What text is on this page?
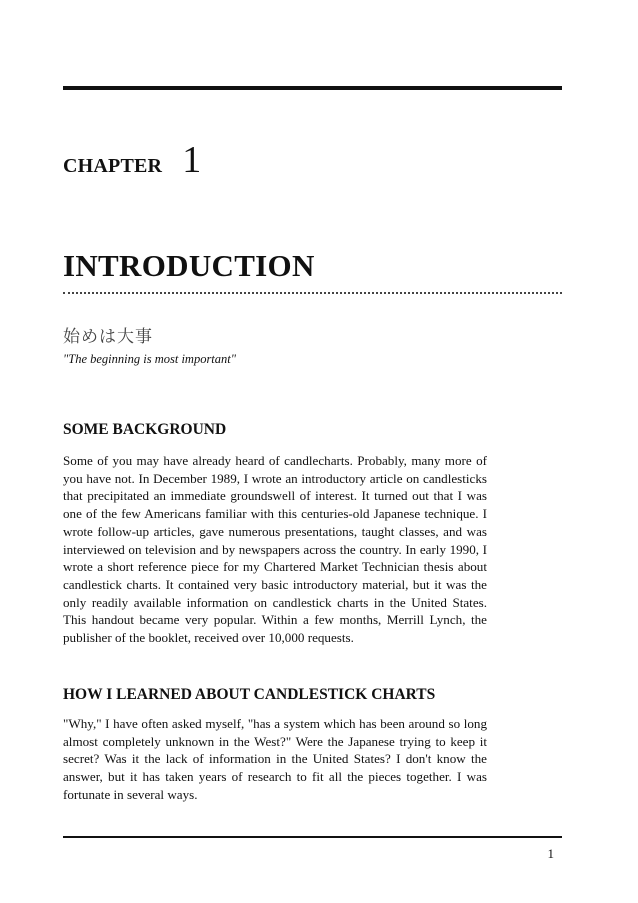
CHAPTER 1
INTRODUCTION
始めは大事
"The beginning is most important"
SOME BACKGROUND

Some of you may have already heard of candlecharts. Probably, many more of you have not. In December 1989, I wrote an introductory article on candlesticks that precipitated an immediate groundswell of interest. It turned out that I was one of the few Americans familiar with this centuries-old Japanese technique. I wrote follow-up articles, gave numerous presentations, taught classes, and was interviewed on television and by newspapers across the country. In early 1990, I wrote a short reference piece for my Chartered Market Technician thesis about candlestick charts. It contained very basic introductory material, but it was the only readily available information on candlestick charts in the United States. This handout became very popular. Within a few months, Merrill Lynch, the publisher of the booklet, received over 10,000 requests.

HOW I LEARNED ABOUT CANDLESTICK CHARTS

"Why," I have often asked myself, "has a system which has been around so long almost completely unknown in the West?" Were the Japanese trying to keep it secret? Was it the lack of information in the United States? I don't know the answer, but it has taken years of research to fit all the pieces together. I was fortunate in several ways.

1
